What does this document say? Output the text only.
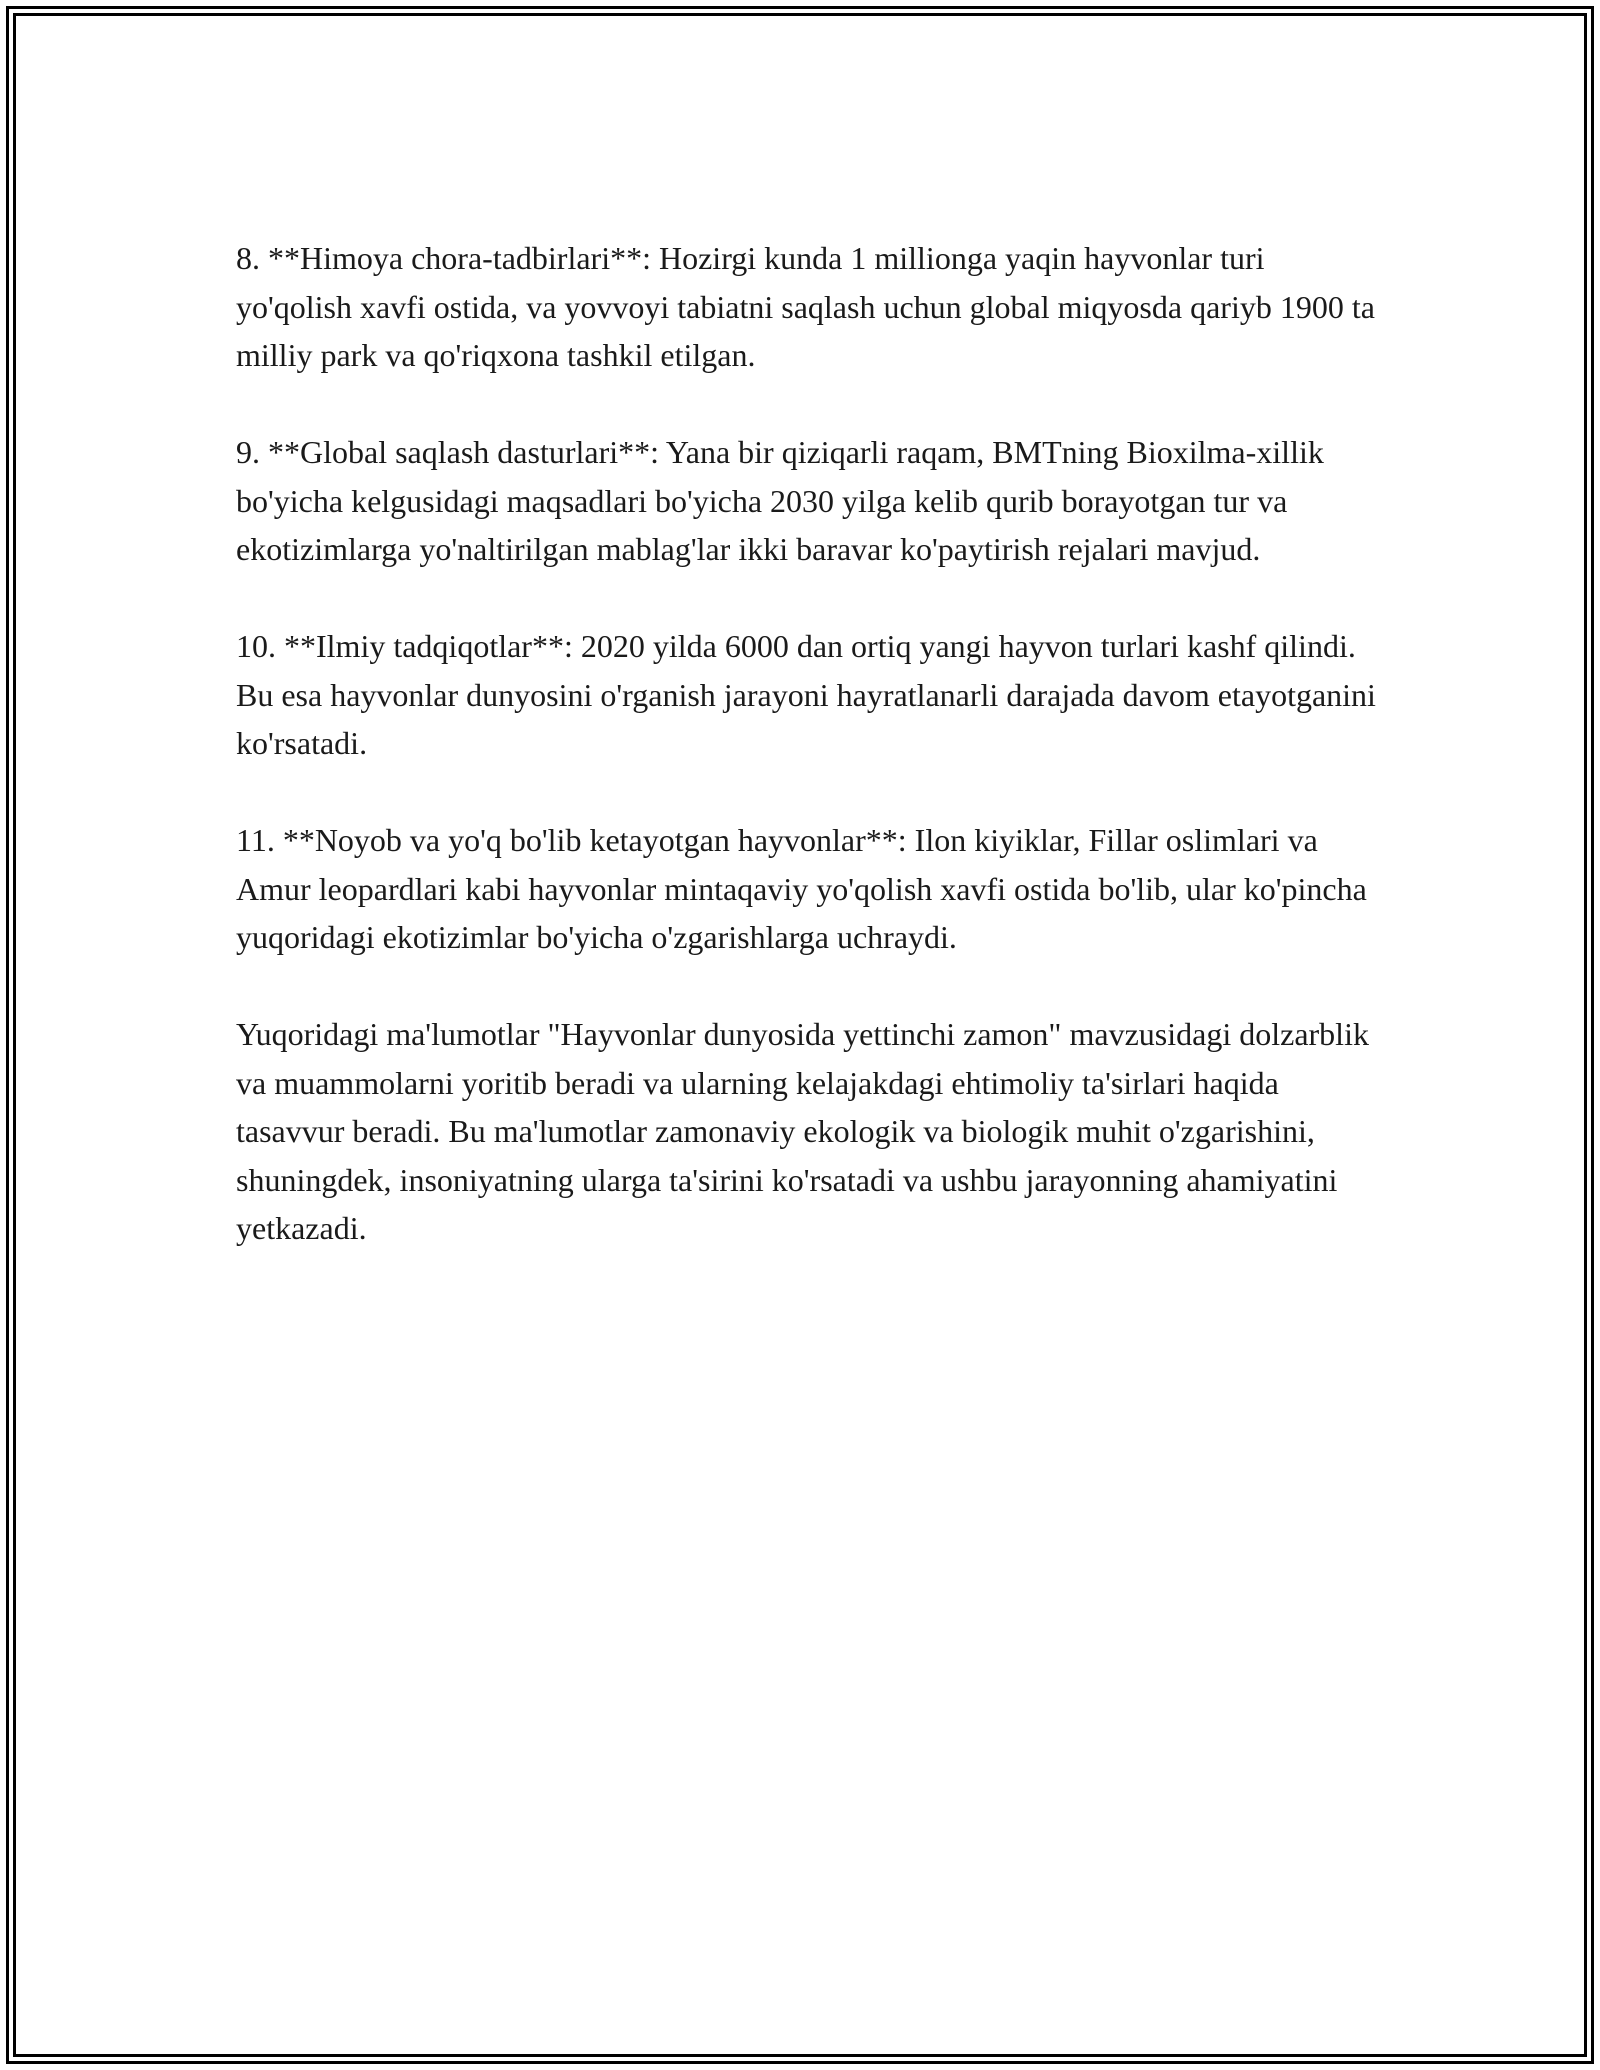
8. **Himoya chora-tadbirlari**: Hozirgi kunda 1 millionga yaqin hayvonlar turi yo'qolish xavfi ostida, va yovvoyi tabiatni saqlash uchun global miqyosda qariyb 1900 ta milliy park va qo'riqxona tashkil etilgan.

9. **Global saqlash dasturlari**: Yana bir qiziqarli raqam, BMTning Bioxilma-xillik bo'yicha kelgusidagi maqsadlari bo'yicha 2030 yilga kelib qurib borayotgan tur va ekotizimlarga yo'naltirilgan mablag'lar ikki baravar ko'paytirish rejalari mavjud.

10. **Ilmiy tadqiqotlar**: 2020 yilda 6000 dan ortiq yangi hayvon turlari kashf qilindi. Bu esa hayvonlar dunyosini o'rganish jarayoni hayratlanarli darajada davom etayotganini ko'rsatadi.

11. **Noyob va yo'q bo'lib ketayotgan hayvonlar**: Ilon kiyiklar, Fillar oslimlari va Amur leopardlari kabi hayvonlar mintaqaviy yo'qolish xavfi ostida bo'lib, ular ko'pincha yuqoridagi ekotizimlar bo'yicha o'zgarishlarga uchraydi.

Yuqoridagi ma'lumotlar "Hayvonlar dunyosida yettinchi zamon" mavzusidagi dolzarblik va muammolarni yoritib beradi va ularning kelajakdagi ehtimoliy ta'sirlari haqida tasavvur beradi. Bu ma'lumotlar zamonaviy ekologik va biologik muhit o'zgarishini, shuningdek, insoniyatning ularga ta'sirini ko'rsatadi va ushbu jarayonning ahamiyatini yetkazadi.
